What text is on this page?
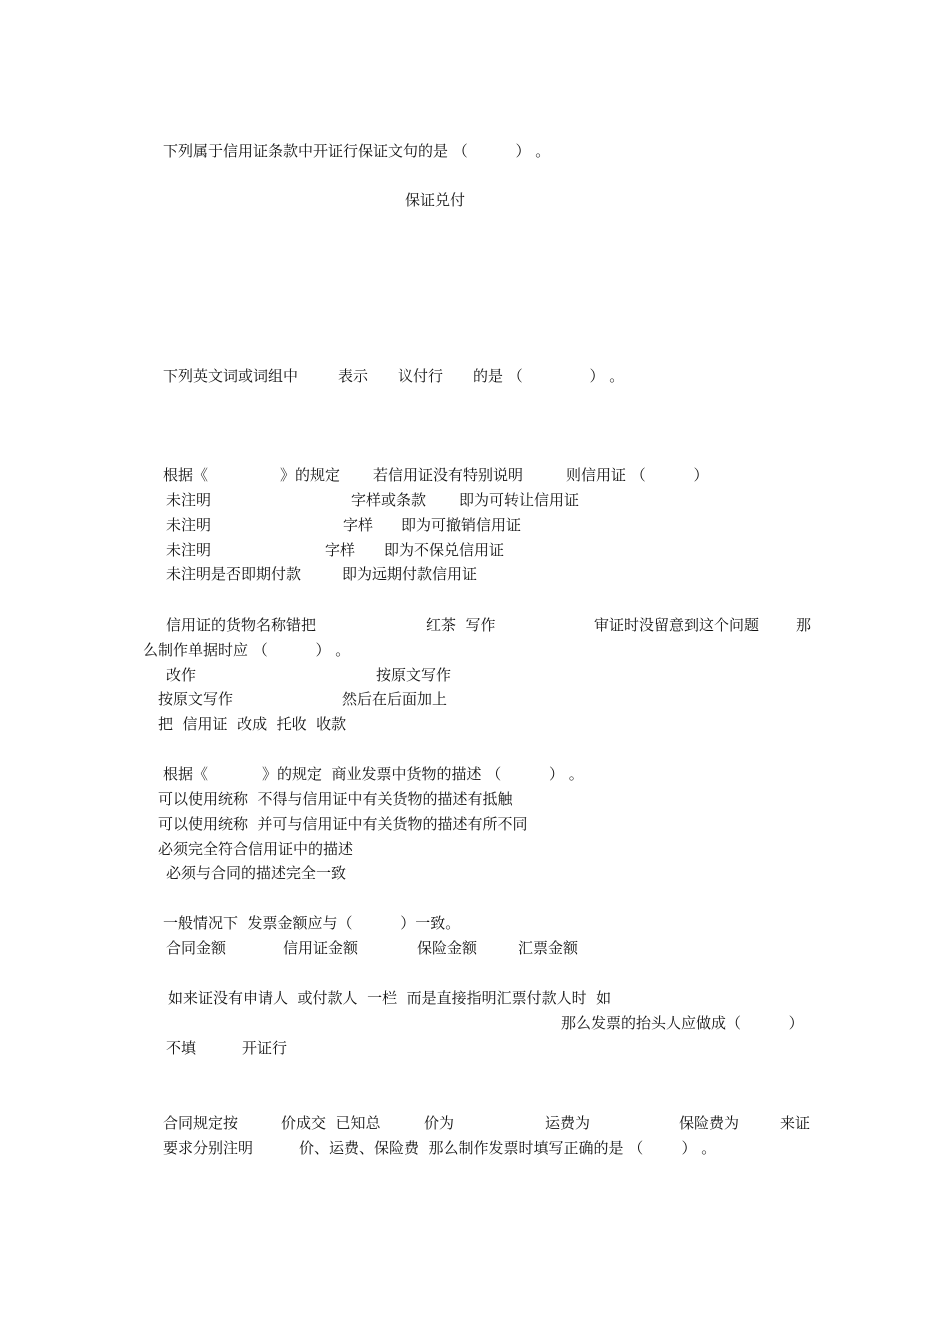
下列属于信用证条款中开证行保证文句的是 （          ） 。
保证兑付
下列英文词或词组中	表示 议付行 的是 （              ） 。
根据《	》的规定 若信用证没有特别说明	则信用证 （          ）
未注明	字样或条款 即为可转让信用证
未注明	字样 即为可撤销信用证
未注明	字样 即为不保兑信用证
未注明是否即期付款	即为远期付款信用证
信用证的货物名称错把	红茶  写作	审证时没留意到这个问题 那
么制作单据时应 （          ） 。
改作	按原文写作
按原文写作	然后在后面加上
把  信用证  改成  托收  收款
根据《	》的规定  商业发票中货物的描述 （          ） 。
可以使用统称  不得与信用证中有关货物的描述有抵触
可以使用统称  并可与信用证中有关货物的描述有所不同
必须完全符合信用证中的描述
必须与合同的描述完全一致
一般情况下  发票金额应与（          ）一致。
合同金额	信用证金额	保险金额	汇票金额
如来证没有申请人  或付款人  一栏  而是直接指明汇票付款人时  如
那么发票的抬头人应做成（          ）
不填	开证行
合同规定按	价成交  已知总	价为	运费为	保险费为	来证
要求分别注明	价、运费、保险费  那么制作发票时填写正确的是 （        ） 。
